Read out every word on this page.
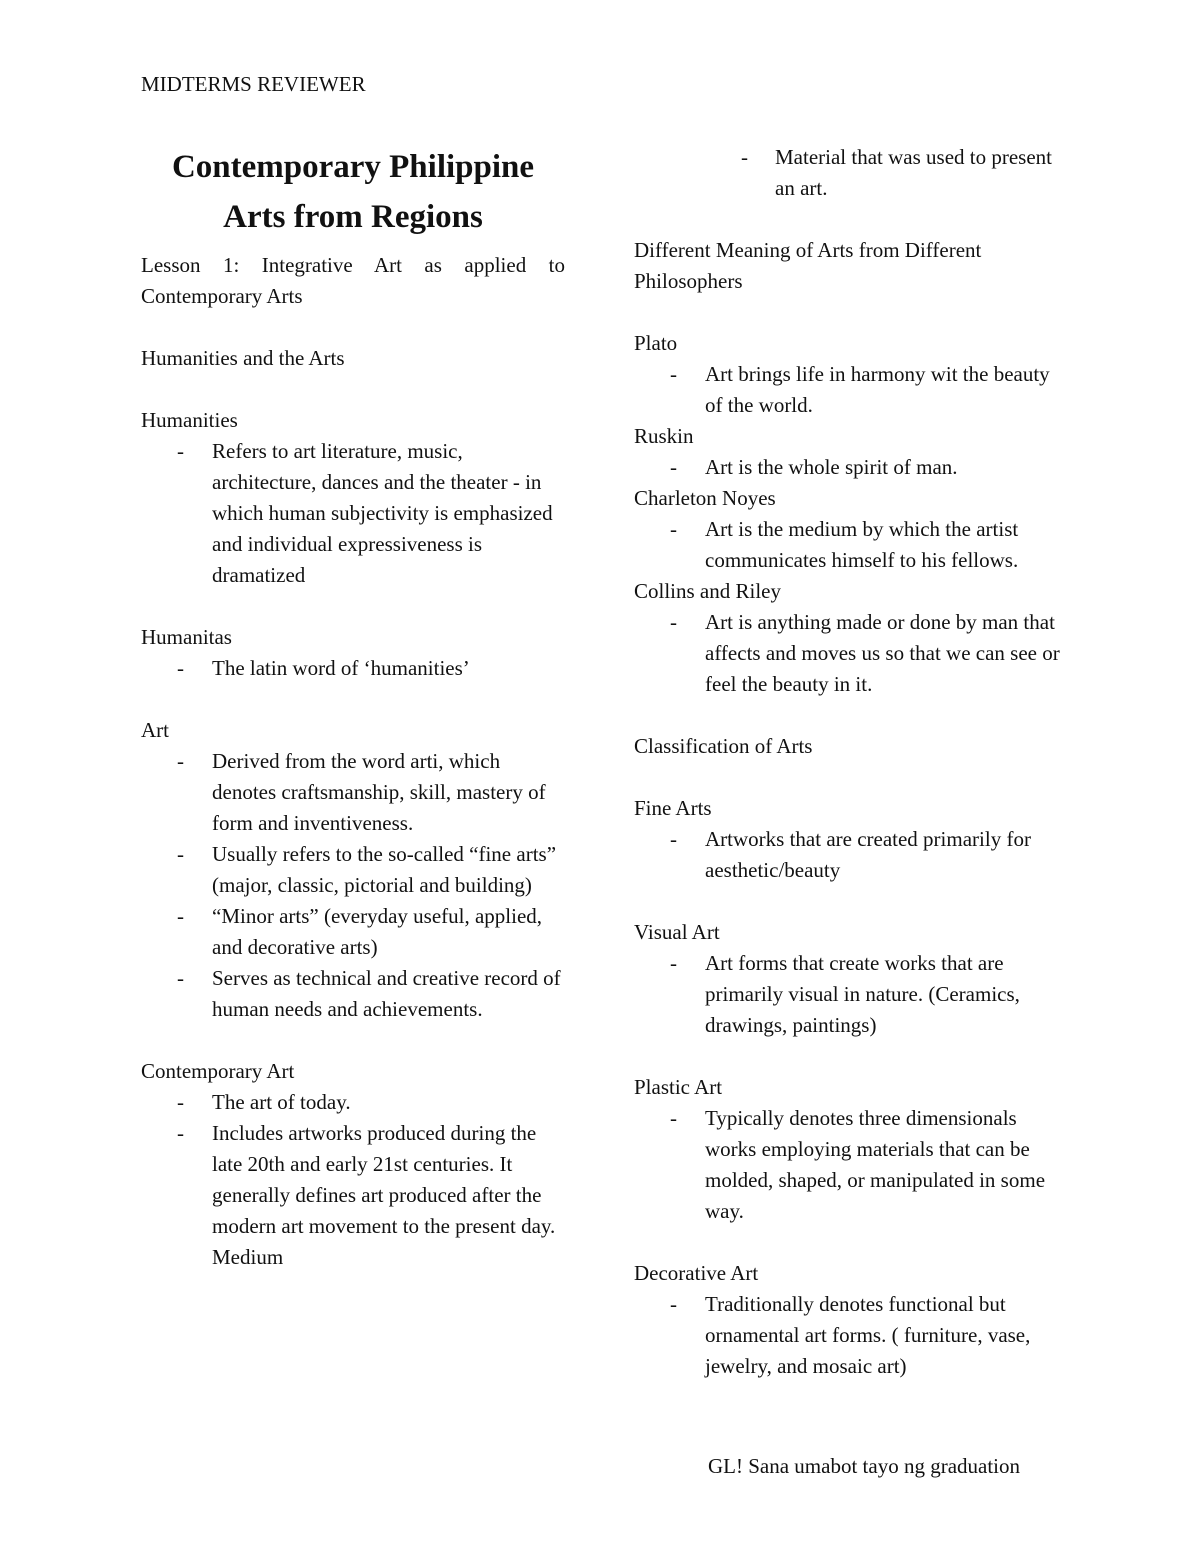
MIDTERMS REVIEWER
Contemporary Philippine
Arts from Regions

Lesson 1: Integrative Art as applied to Contemporary Arts

Humanities and the Arts

Humanities

- Refers to art literature, music, architecture, dances and the theater - in which human subjectivity is emphasized and individual expressiveness is dramatized

Humanitas

- The latin word of ‘humanities’

Art

- Derived from the word arti, which denotes craftsmanship, skill, mastery of form and inventiveness.
- Usually refers to the so-called “fine arts” (major, classic, pictorial and building)
- “Minor arts” (everyday useful, applied, and decorative arts)
- Serves as technical and creative record of human needs and achievements.

Contemporary Art

- The art of today.
- Includes artworks produced during the late 20th and early 21st centuries. It generally defines art produced after the modern art movement to the present day.

Medium

- Material that was used to present an art.

Different Meaning of Arts from Different Philosophers

Plato

- Art brings life in harmony wit the beauty of the world.

Ruskin

- Art is the whole spirit of man.

Charleton Noyes

- Art is the medium by which the artist communicates himself to his fellows.

Collins and Riley

- Art is anything made or done by man that affects and moves us so that we can see or feel the beauty in it.

Classification of Arts

Fine Arts

- Artworks that are created primarily for aesthetic/beauty

Visual Art

- Art forms that create works that are primarily visual in nature. (Ceramics, drawings, paintings)

Plastic Art

- Typically denotes three dimensionals works employing materials that can be molded, shaped, or manipulated in some way.

Decorative Art

- Traditionally denotes functional but ornamental art forms. ( furniture, vase, jewelry, and mosaic art)
GL! Sana umabot tayo ng graduation
